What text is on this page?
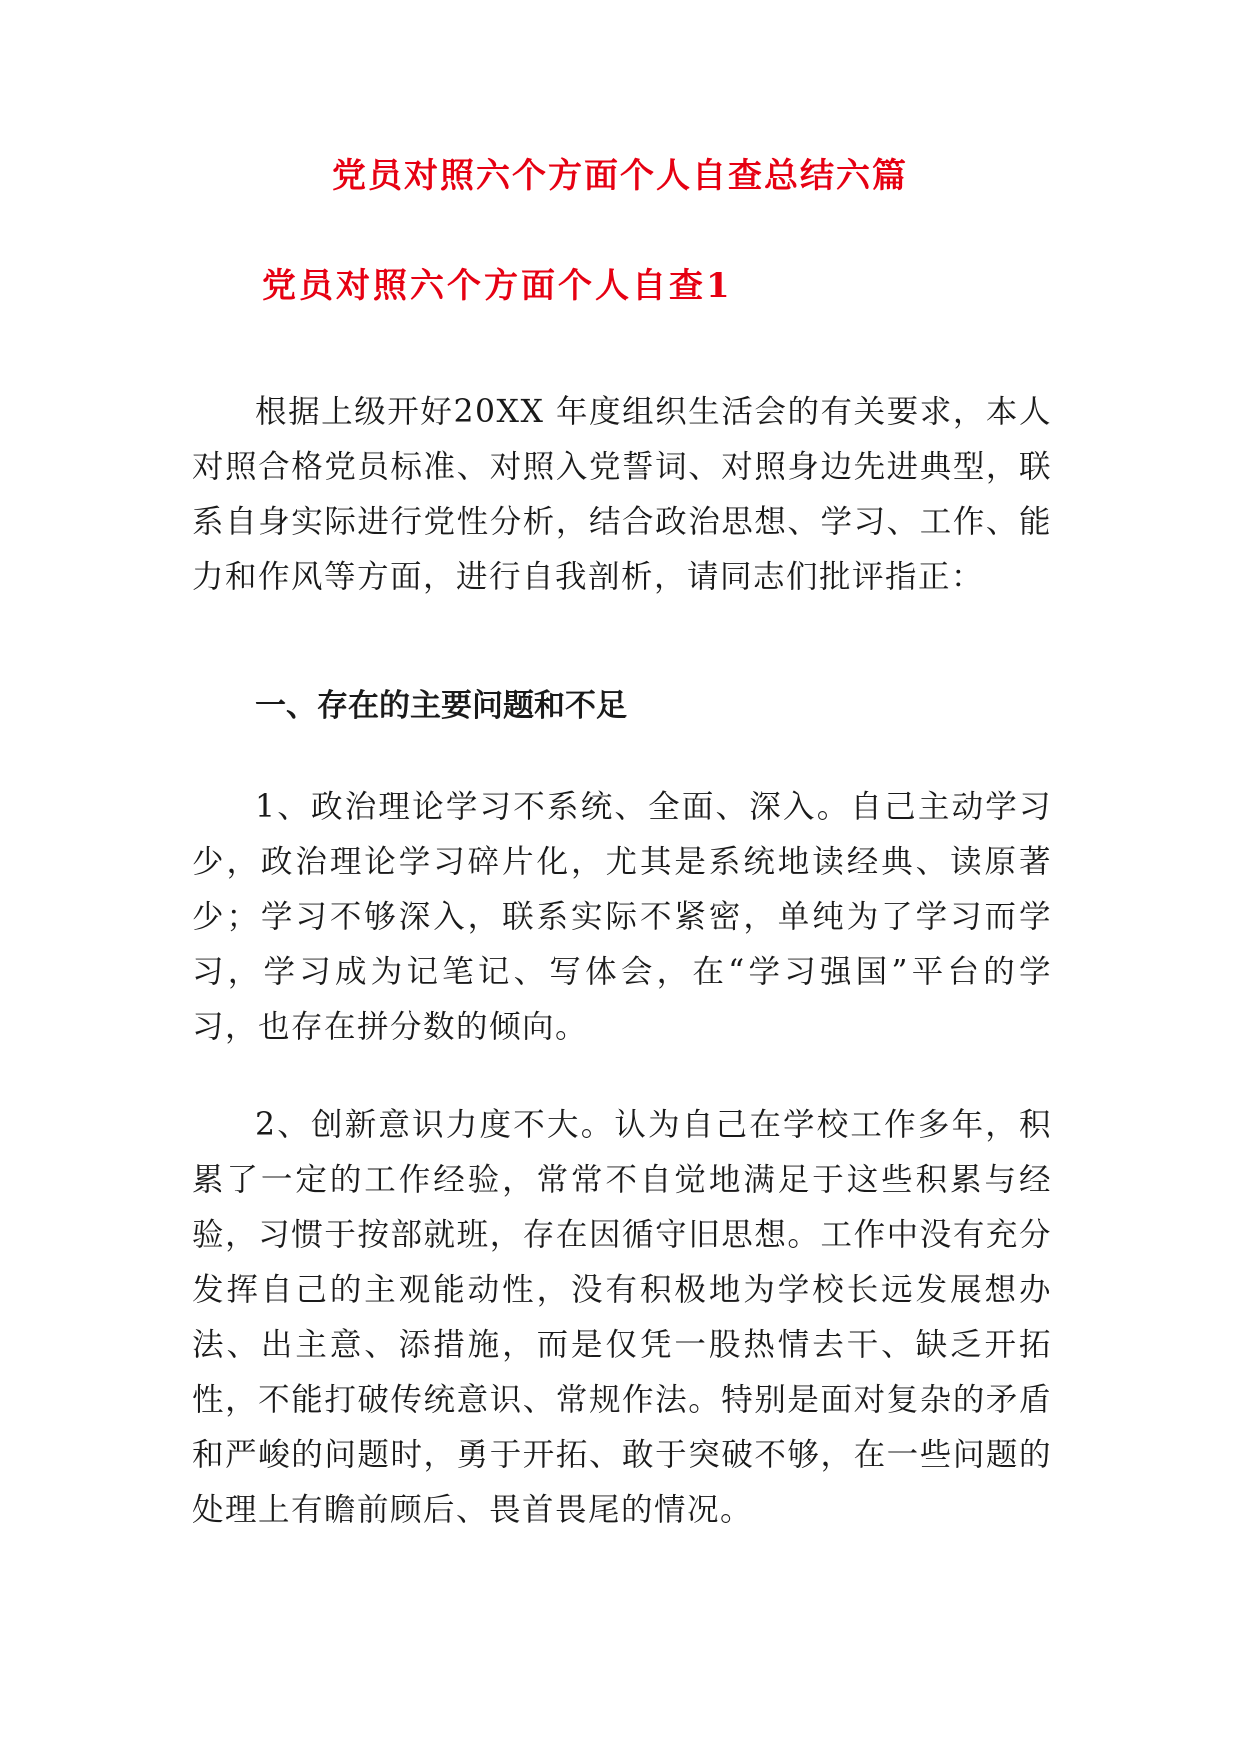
党员对照六个方面个人自查总结六篇
党员对照六个方面个人自查1

根据上级开好20XX 年度组织生活会的有关要求，本人对照合格党员标准、对照入党誓词、对照身边先进典型，联系自身实际进行党性分析，结合政治思想、学习、工作、能力和作风等方面，进行自我剖析，请同志们批评指正：

一、存在的主要问题和不足

1、政治理论学习不系统、全面、深入。自己主动学习少，政治理论学习碎片化，尤其是系统地读经典、读原著少；学习不够深入，联系实际不紧密，单纯为了学习而学习，学习成为记笔记、写体会，在“学习强国”平台的学习，也存在拼分数的倾向。

2、创新意识力度不大。认为自己在学校工作多年，积累了一定的工作经验，常常不自觉地满足于这些积累与经验，习惯于按部就班，存在因循守旧思想。工作中没有充分发挥自己的主观能动性，没有积极地为学校长远发展想办法、出主意、添措施，而是仅凭一股热情去干、缺乏开拓性，不能打破传统意识、常规作法。特别是面对复杂的矛盾和严峻的问题时，勇于开拓、敢于突破不够，在一些问题的处理上有瞻前顾后、畏首畏尾的情况。
